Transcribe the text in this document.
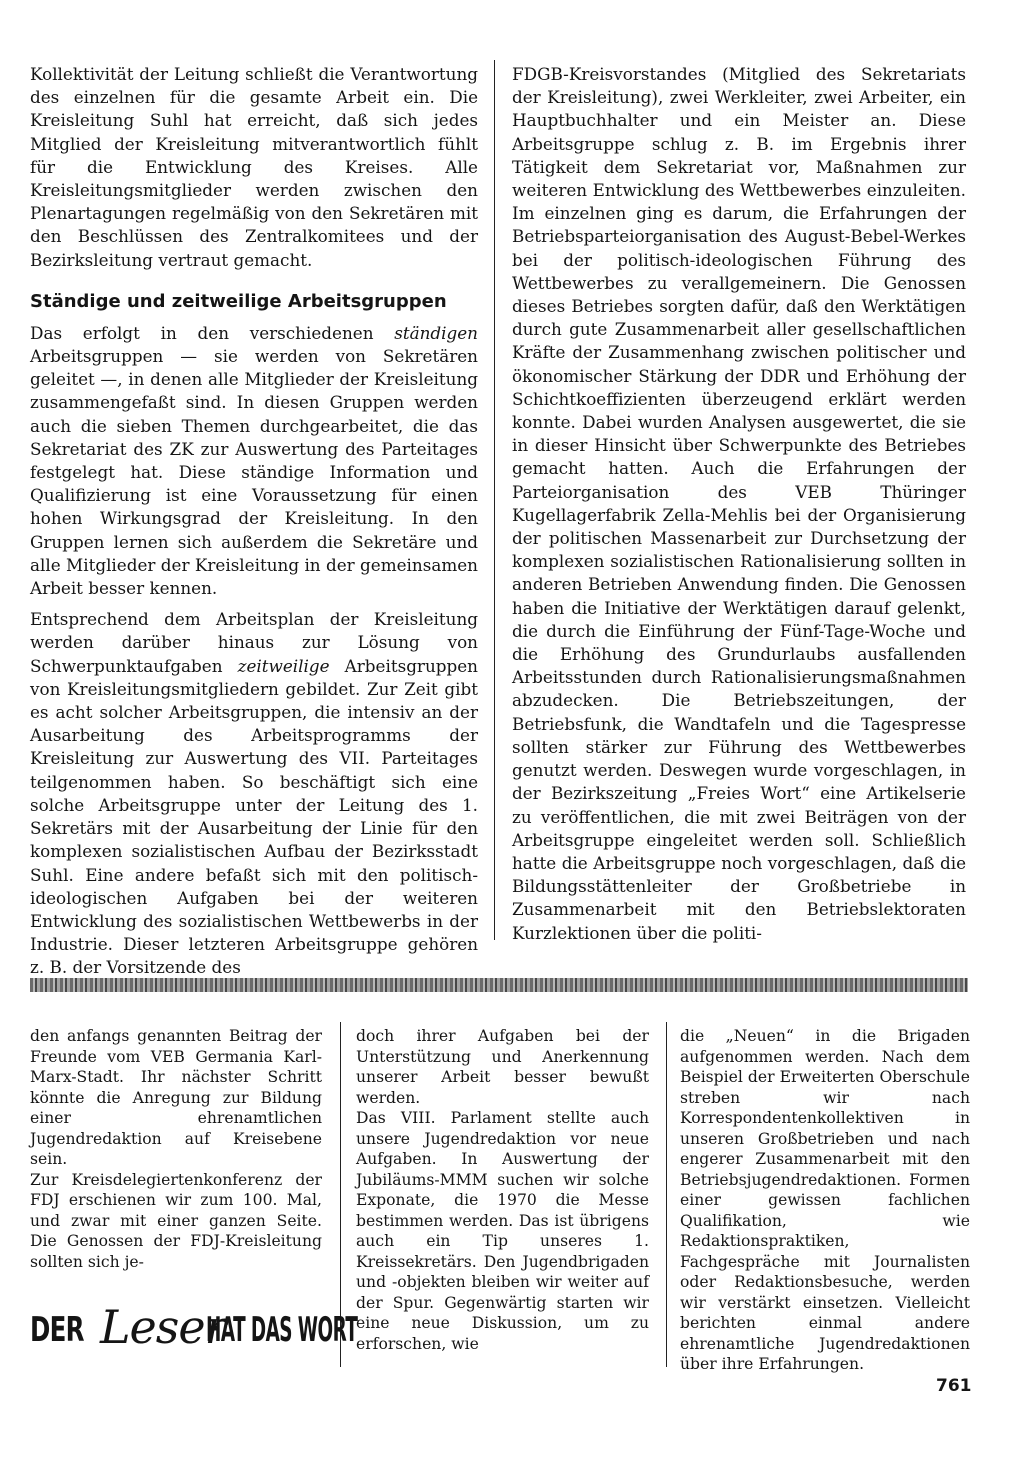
Kollektivität der Leitung schließt die Verantwortung des einzelnen für die gesamte Arbeit ein. Die Kreisleitung Suhl hat erreicht, daß sich jedes Mitglied der Kreisleitung mitverantwortlich fühlt für die Entwicklung des Kreises. Alle Kreisleitungsmitglieder werden zwischen den Plenartagungen regelmäßig von den Sekretären mit den Beschlüssen des Zentralkomitees und der Bezirksleitung vertraut gemacht.

Ständige und zeitweilige Arbeitsgruppen

Das erfolgt in den verschiedenen ständigen Arbeitsgruppen — sie werden von Sekretären geleitet —, in denen alle Mitglieder der Kreisleitung zusammengefaßt sind. In diesen Gruppen werden auch die sieben Themen durchgearbeitet, die das Sekretariat des ZK zur Auswertung des Parteitages festgelegt hat. Diese ständige Information und Qualifizierung ist eine Voraussetzung für einen hohen Wirkungsgrad der Kreisleitung. In den Gruppen lernen sich außerdem die Sekretäre und alle Mitglieder der Kreisleitung in der gemeinsamen Arbeit besser kennen.

Entsprechend dem Arbeitsplan der Kreisleitung werden darüber hinaus zur Lösung von Schwerpunktaufgaben zeitweilige Arbeitsgruppen von Kreisleitungsmitgliedern gebildet. Zur Zeit gibt es acht solcher Arbeitsgruppen, die intensiv an der Ausarbeitung des Arbeitsprogramms der Kreisleitung zur Auswertung des VII. Parteitages teilgenommen haben. So beschäftigt sich eine solche Arbeitsgruppe unter der Leitung des 1. Sekretärs mit der Ausarbeitung der Linie für den komplexen sozialistischen Aufbau der Bezirksstadt Suhl. Eine andere befaßt sich mit den politisch-ideologischen Aufgaben bei der weiteren Entwicklung des sozialistischen Wettbewerbs in der Industrie. Dieser letzteren Arbeitsgruppe gehören z. B. der Vorsitzende des

FDGB-Kreisvorstandes (Mitglied des Sekretariats der Kreisleitung), zwei Werkleiter, zwei Arbeiter, ein Hauptbuchhalter und ein Meister an. Diese Arbeitsgruppe schlug z. B. im Ergebnis ihrer Tätigkeit dem Sekretariat vor, Maßnahmen zur weiteren Entwicklung des Wettbewerbes einzuleiten. Im einzelnen ging es darum, die Erfahrungen der Betriebsparteiorganisation des August-Bebel-Werkes bei der politisch-ideologischen Führung des Wettbewerbes zu verallgemeinern. Die Genossen dieses Betriebes sorgten dafür, daß den Werktätigen durch gute Zusammenarbeit aller gesellschaftlichen Kräfte der Zusammenhang zwischen politischer und ökonomischer Stärkung der DDR und Erhöhung der Schichtkoeffizienten überzeugend erklärt werden konnte. Dabei wurden Analysen ausgewertet, die sie in dieser Hinsicht über Schwerpunkte des Betriebes gemacht hatten. Auch die Erfahrungen der Parteiorganisation des VEB Thüringer Kugellagerfabrik Zella-Mehlis bei der Organisierung der politischen Massenarbeit zur Durchsetzung der komplexen sozialistischen Rationalisierung sollten in anderen Betrieben Anwendung finden. Die Genossen haben die Initiative der Werktätigen darauf gelenkt, die durch die Einführung der Fünf-Tage-Woche und die Erhöhung des Grundurlaubs ausfallenden Arbeitsstunden durch Rationalisierungsmaßnahmen abzudecken. Die Betriebszeitungen, der Betriebsfunk, die Wandtafeln und die Tagespresse sollten stärker zur Führung des Wettbewerbes genutzt werden. Deswegen wurde vorgeschlagen, in der Bezirkszeitung „Freies Wort“ eine Artikelserie zu veröffentlichen, die mit zwei Beiträgen von der Arbeitsgruppe eingeleitet werden soll. Schließlich hatte die Arbeitsgruppe noch vorgeschlagen, daß die Bildungsstättenleiter der Großbetriebe in Zusammenarbeit mit den Betriebslektoraten Kurzlektionen über die politi-

den anfangs genannten Beitrag der Freunde vom VEB Germania Karl-Marx-Stadt. Ihr nächster Schritt könnte die Anregung zur Bildung einer ehrenamtlichen Jugendredaktion auf Kreisebene sein.

Zur Kreisdelegiertenkonferenz der FDJ erschienen wir zum 100. Mal, und zwar mit einer ganzen Seite. Die Genossen der FDJ-Kreisleitung sollten sich je-

doch ihrer Aufgaben bei der Unterstützung und Anerkennung unserer Arbeit besser bewußt werden.

Das VIII. Parlament stellte auch unsere Jugendredaktion vor neue Aufgaben. In Auswertung der Jubiläums-MMM suchen wir solche Exponate, die 1970 die Messe bestimmen werden. Das ist übrigens auch ein Tip unseres 1. Kreissekretärs. Den Jugendbrigaden und -objekten bleiben wir weiter auf der Spur. Gegenwärtig starten wir eine neue Diskussion, um zu erforschen, wie

die „Neuen“ in die Brigaden aufgenommen werden. Nach dem Beispiel der Erweiterten Oberschule streben wir nach Korrespondentenkollektiven in unseren Großbetrieben und nach engerer Zusammenarbeit mit den Betriebsjugendredaktionen. Formen einer gewissen fachlichen Qualifikation, wie Redaktionspraktiken, Fachgespräche mit Journalisten oder Redaktionsbesuche, werden wir verstärkt einsetzen. Vielleicht berichten einmal andere ehrenamtliche Jugendredaktionen über ihre Erfahrungen.

DER Leser
HAT DAS WORT
761
